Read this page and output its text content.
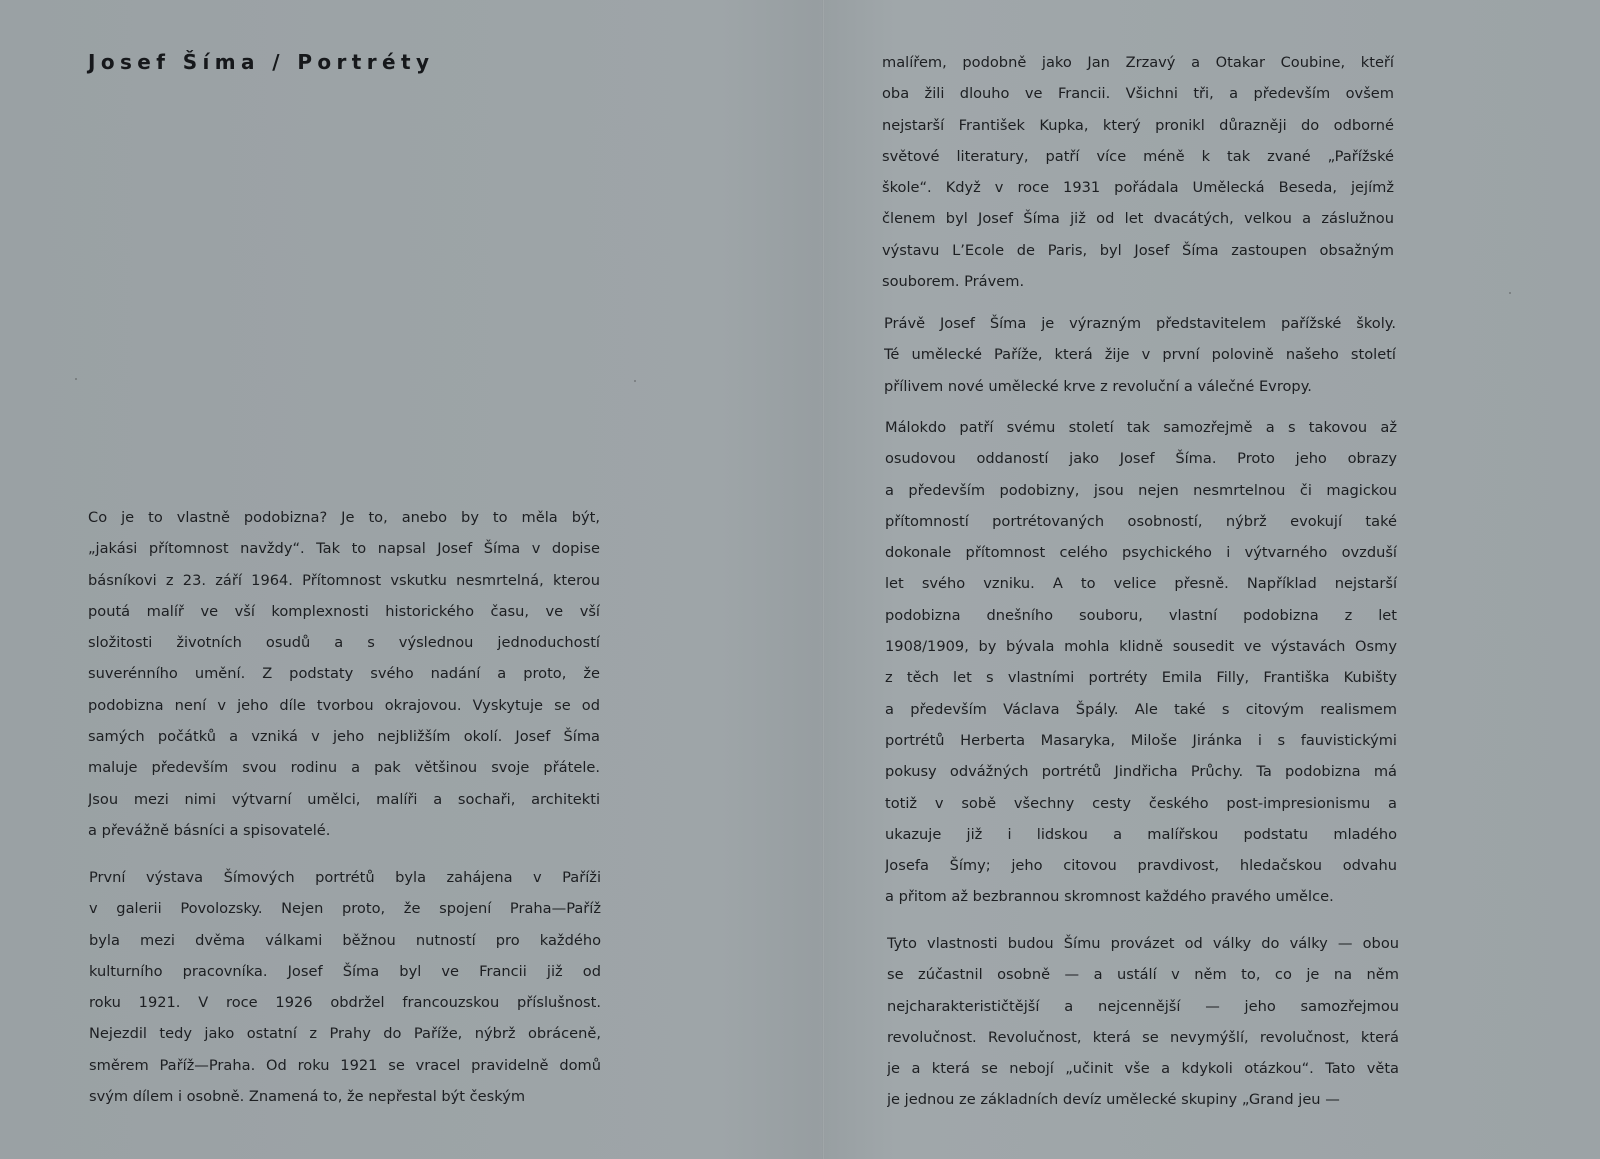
Josef Šíma / Portréty
Co je to vlastně podobizna? Je to, anebo by to měla být,
„jakási přítomnost navždy“. Tak to napsal Josef Šíma v dopise
básníkovi z 23. září 1964. Přítomnost vskutku nesmrtelná, kterou
poutá malíř ve vší komplexnosti historického času, ve vší
složitosti životních osudů a s výslednou jednoduchostí
suverénního umění. Z podstaty svého nadání a proto, že
podobizna není v jeho díle tvorbou okrajovou. Vyskytuje se od
samých počátků a vzniká v jeho nejbližším okolí. Josef Šíma
maluje především svou rodinu a pak většinou svoje přátele.
Jsou mezi nimi výtvarní umělci, malíři a sochaři, architekti
a převážně básníci a spisovatelé.
První výstava Šímových portrétů byla zahájena v Paříži
v galerii Povolozsky. Nejen proto, že spojení Praha—Paříž
byla mezi dvěma válkami běžnou nutností pro každého
kulturního pracovníka. Josef Šíma byl ve Francii již od
roku 1921. V roce 1926 obdržel francouzskou příslušnost.
Nejezdil tedy jako ostatní z Prahy do Paříže, nýbrž obráceně,
směrem Paříž—Praha. Od roku 1921 se vracel pravidelně domů
svým dílem i osobně. Znamená to, že nepřestal být českým
malířem, podobně jako Jan Zrzavý a Otakar Coubine, kteří
oba žili dlouho ve Francii. Všichni tři, a především ovšem
nejstarší František Kupka, který pronikl důrazněji do odborné
světové literatury, patří více méně k tak zvané „Pařížské
škole“. Když v roce 1931 pořádala Umělecká Beseda, jejímž
členem byl Josef Šíma již od let dvacátých, velkou a záslužnou
výstavu L’Ecole de Paris, byl Josef Šíma zastoupen obsažným
souborem. Právem.
Právě Josef Šíma je výrazným představitelem pařížské školy.
Té umělecké Paříže, která žije v první polovině našeho století
přílivem nové umělecké krve z revoluční a válečné Evropy.
Málokdo patří svému století tak samozřejmě a s takovou až
osudovou oddaností jako Josef Šíma. Proto jeho obrazy
a především podobizny, jsou nejen nesmrtelnou či magickou
přítomností portrétovaných osobností, nýbrž evokují také
dokonale přítomnost celého psychického i výtvarného ovzduší
let svého vzniku. A to velice přesně. Například nejstarší
podobizna dnešního souboru, vlastní podobizna z let
1908/1909, by bývala mohla klidně sousedit ve výstavách Osmy
z těch let s vlastními portréty Emila Filly, Františka Kubišty
a především Václava Špály. Ale také s citovým realismem
portrétů Herberta Masaryka, Miloše Jiránka i s fauvistickými
pokusy odvážných portrétů Jindřicha Průchy. Ta podobizna má
totiž v sobě všechny cesty českého post-impresionismu a
ukazuje již i lidskou a malířskou podstatu mladého
Josefa Šímy; jeho citovou pravdivost, hledačskou odvahu
a přitom až bezbrannou skromnost každého pravého umělce.
Tyto vlastnosti budou Šímu provázet od války do války — obou
se zúčastnil osobně — a ustálí v něm to, co je na něm
nejcharakterističtější a nejcennější — jeho samozřejmou
revolučnost. Revolučnost, která se nevymýšlí, revolučnost, která
je a která se nebojí „učinit vše a kdykoli otázkou“. Tato věta
je jednou ze základních devíz umělecké skupiny „Grand jeu —
